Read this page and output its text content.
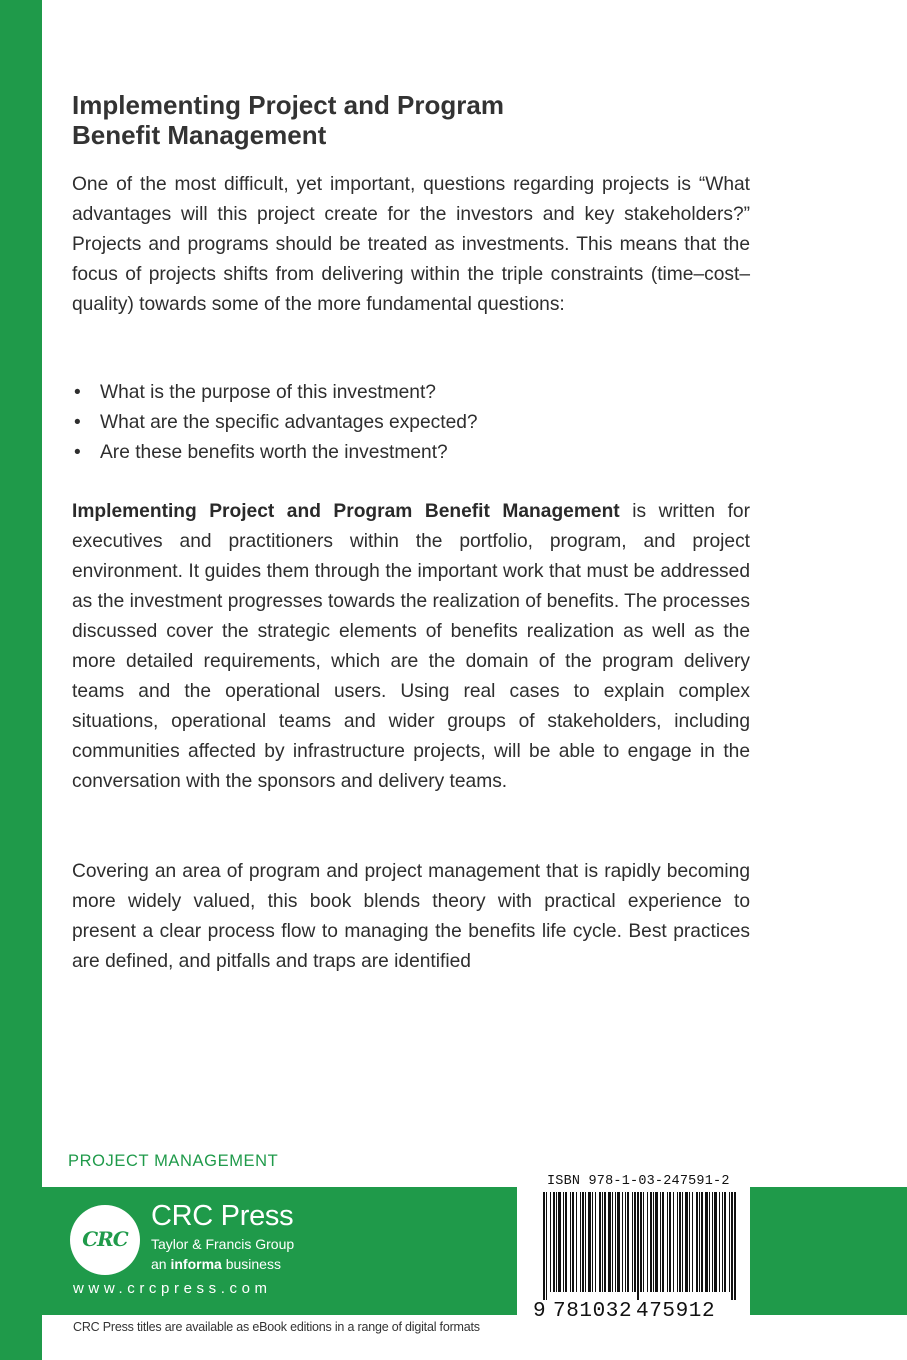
Implementing Project and Program
Benefit Management

One of the most difficult, yet important, questions regarding projects is “What advantages will this project create for the investors and key stakeholders?” Projects and programs should be treated as investments. This means that the focus of projects shifts from delivering within the triple constraints (time–cost–quality) towards some of the more fundamental questions:

• What is the purpose of this investment?
• What are the specific advantages expected?
• Are these benefits worth the investment?

Implementing Project and Program Benefit Management is written for executives and practitioners within the portfolio, program, and project environment. It guides them through the important work that must be addressed as the investment progresses towards the realization of benefits. The processes discussed cover the strategic elements of benefits realization as well as the more detailed requirements, which are the domain of the program delivery teams and the operational users. Using real cases to explain complex situations, operational teams and wider groups of stakeholders, including communities affected by infrastructure projects, will be able to engage in the conversation with the sponsors and delivery teams.

Covering an area of program and project management that is rapidly becoming more widely valued, this book blends theory with practical experience to present a clear process flow to managing the benefits life cycle. Best practices are defined, and pitfalls and traps are identified

PROJECT MANAGEMENT
CRC
CRC Press
Taylor & Francis Group
an informa business
www.crcpress.com
CRC Press titles are available as eBook editions in a range of digital formats
ISBN 978-1-03-247591-2
9 781032 475912
